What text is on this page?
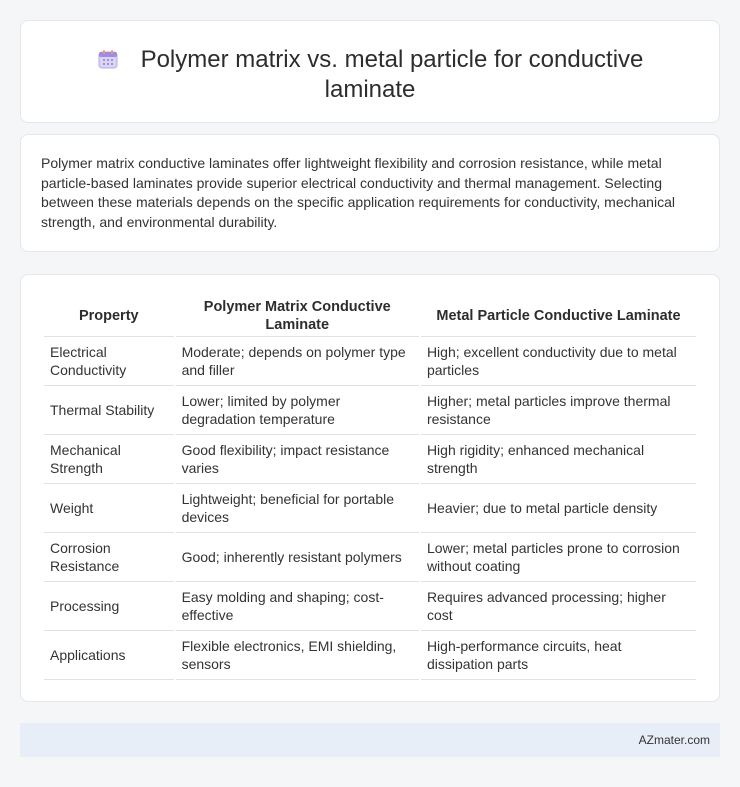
Polymer matrix vs. metal particle for conductive laminate

Polymer matrix conductive laminates offer lightweight flexibility and corrosion resistance, while metal particle-based laminates provide superior electrical conductivity and thermal management. Selecting between these materials depends on the specific application requirements for conductivity, mechanical strength, and environmental durability.

Property	Polymer Matrix Conductive Laminate	Metal Particle Conductive Laminate
Electrical Conductivity	Moderate; depends on polymer type and filler	High; excellent conductivity due to metal particles
Thermal Stability	Lower; limited by polymer degradation temperature	Higher; metal particles improve thermal resistance
Mechanical Strength	Good flexibility; impact resistance varies	High rigidity; enhanced mechanical strength
Weight	Lightweight; beneficial for portable devices	Heavier; due to metal particle density
Corrosion Resistance	Good; inherently resistant polymers	Lower; metal particles prone to corrosion without coating
Processing	Easy molding and shaping; cost-effective	Requires advanced processing; higher cost
Applications	Flexible electronics, EMI shielding, sensors	High-performance circuits, heat dissipation parts
AZmater.com
